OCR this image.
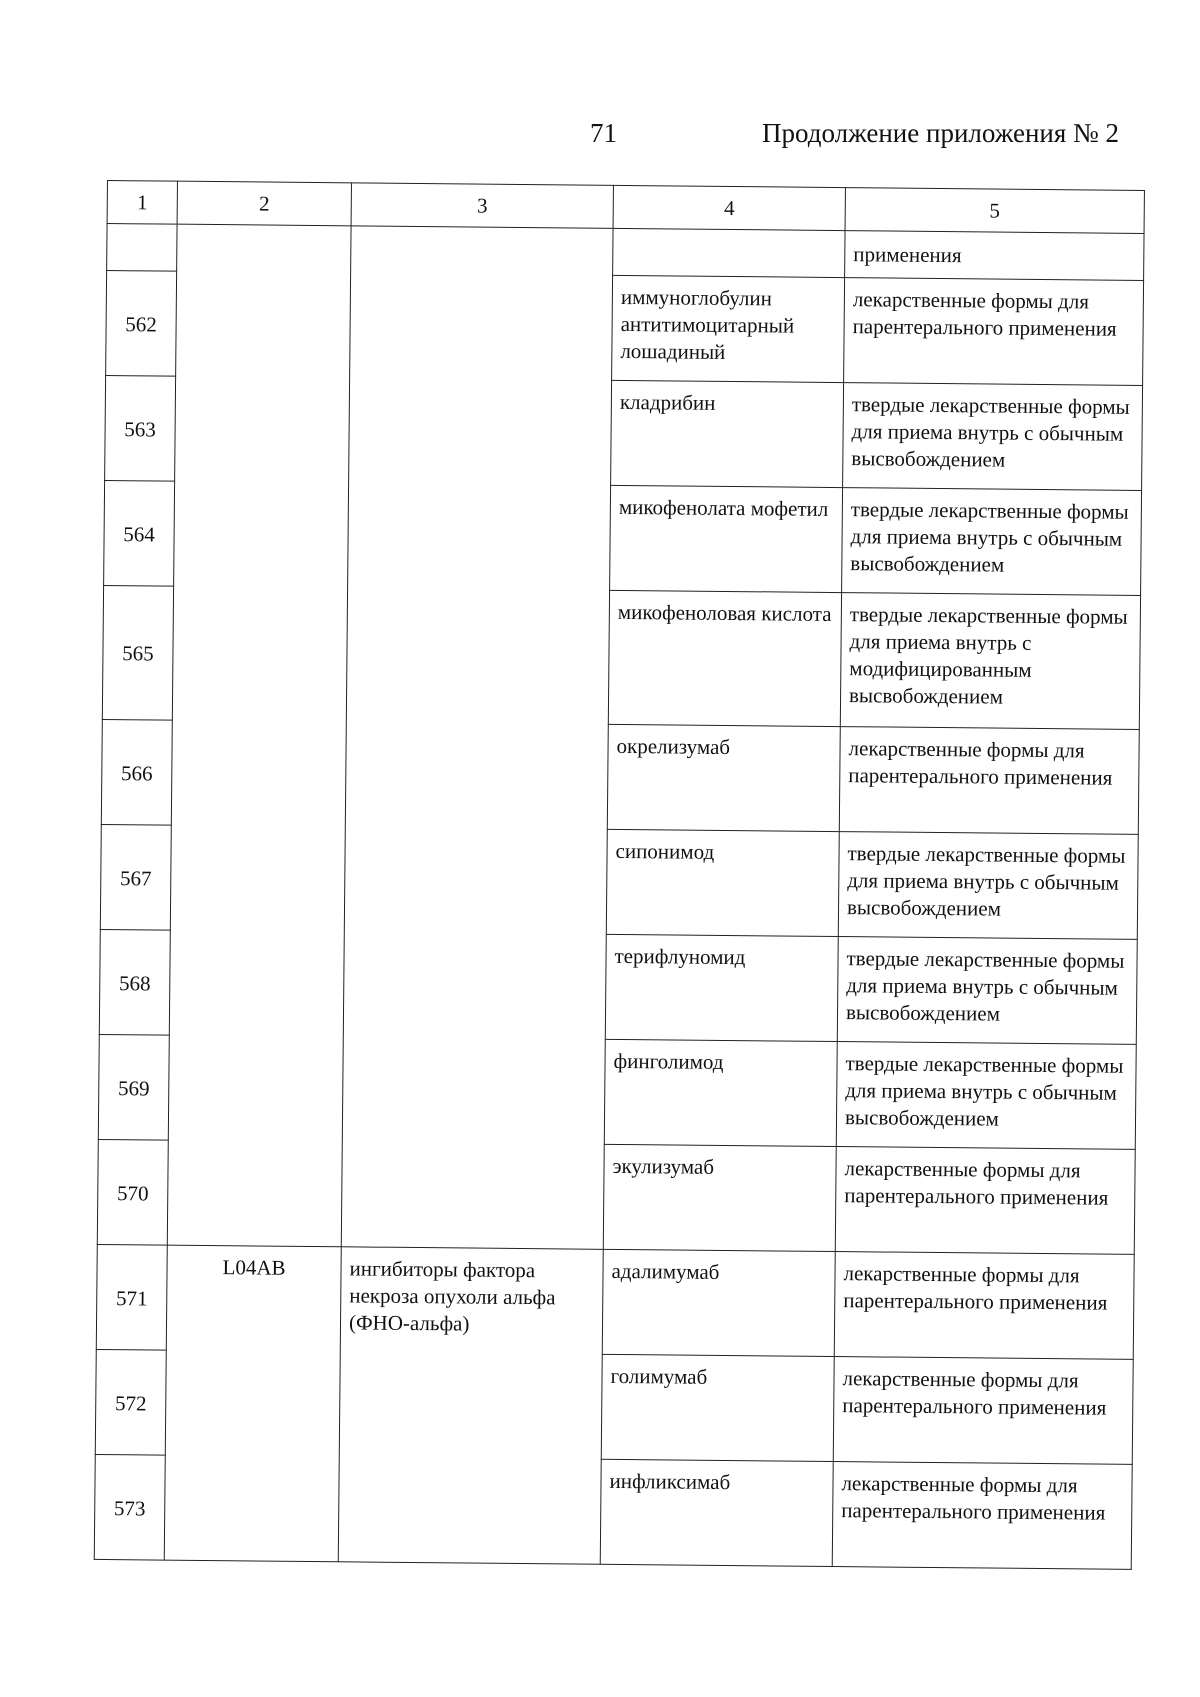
71	Продолжение приложения № 2
1	2	3	4	5
				применения
562			иммуноглобулин антитимоцитарный лошадиный	лекарственные формы для парентерального применения
563			кладрибин	твердые лекарственные формы для приема внутрь с обычным высвобождением
564			микофенолата мофетил	твердые лекарственные формы для приема внутрь с обычным высвобождением
565			микофеноловая кислота	твердые лекарственные формы для приема внутрь с модифицированным высвобождением
566			окрелизумаб	лекарственные формы для парентерального применения
567			сипонимод	твердые лекарственные формы для приема внутрь с обычным высвобождением
568			терифлуномид	твердые лекарственные формы для приема внутрь с обычным высвобождением
569			финголимод	твердые лекарственные формы для приема внутрь с обычным высвобождением
570			экулизумаб	лекарственные формы для парентерального применения
571	L04AB	ингибиторы фактора некроза опухоли альфа (ФНО-альфа)	адалимумаб	лекарственные формы для парентерального применения
572			голимумаб	лекарственные формы для парентерального применения
573			инфликсимаб	лекарственные формы для парентерального применения
